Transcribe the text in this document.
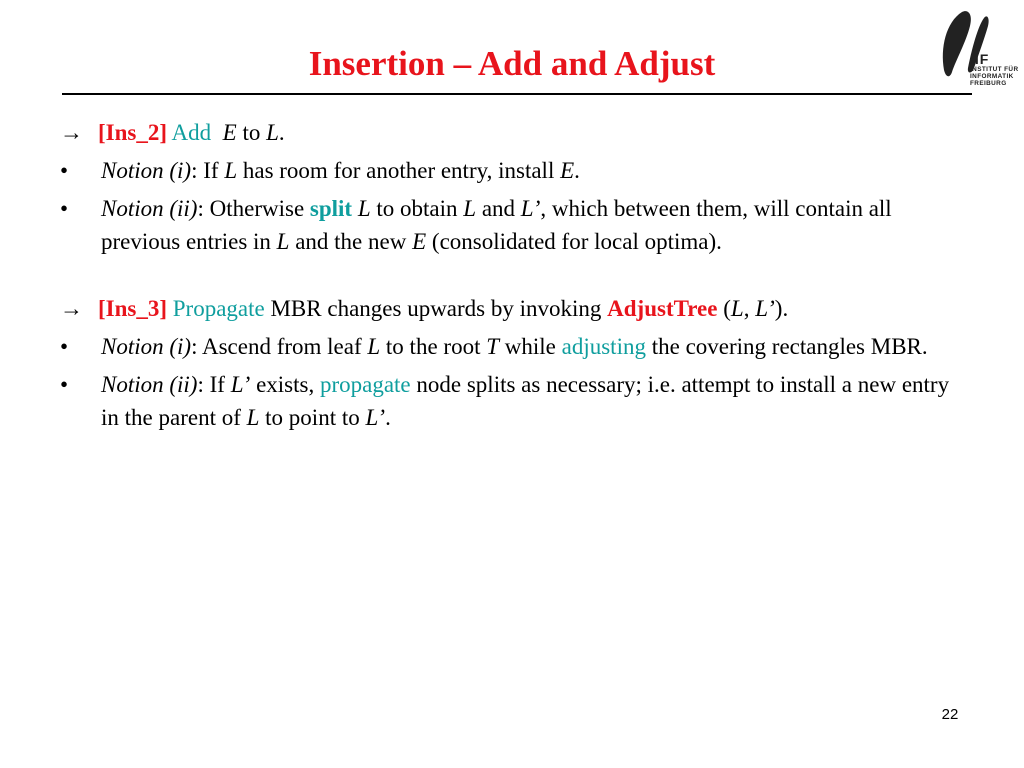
Insertion – Add and Adjust	IIF
INSTITUT FÜR
INFORMATIK
FREIBURG
→ [Ins_2] Add E to L.
• Notion (i): If L has room for another entry, install E.
• Notion (ii): Otherwise split L to obtain L and L’, which between them, will contain all previous entries in L and the new E (consolidated for local optima).
→ [Ins_3] Propagate MBR changes upwards by invoking AdjustTree (L, L’).
• Notion (i): Ascend from leaf L to the root T while adjusting the covering rectangles MBR.
• Notion (ii): If L’ exists, propagate node splits as necessary; i.e. attempt to install a new entry in the parent of L to point to L’.
22
